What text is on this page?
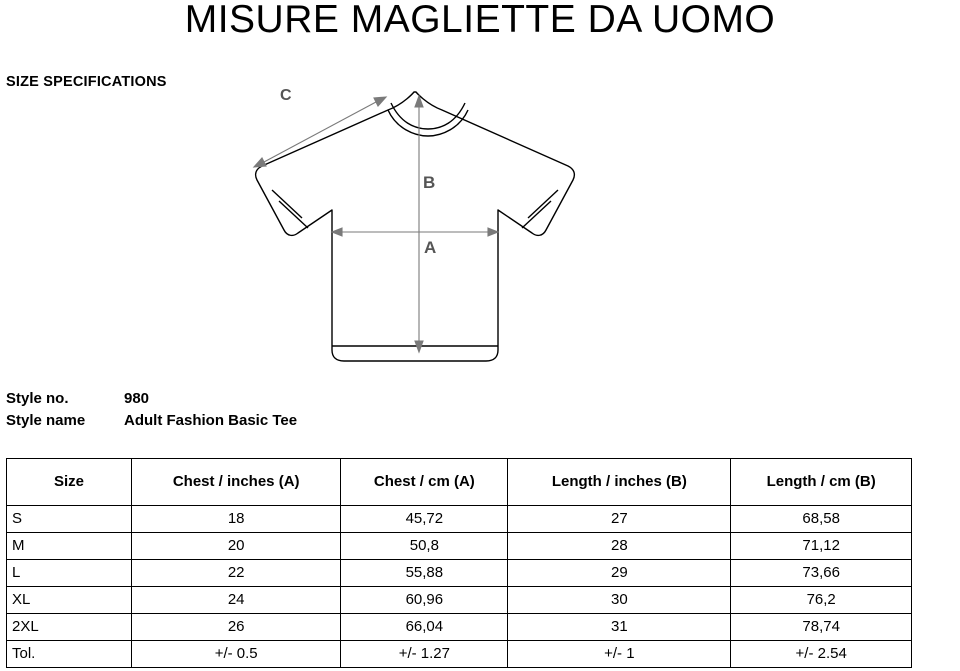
MISURE MAGLIETTE DA UOMO
SIZE SPECIFICATIONS
B
A
C
Style no.	980
Style name	Adult Fashion Basic Tee
Size	Chest / inches (A)	Chest / cm (A)	Length / inches (B)	Length / cm (B)
S	18	45,72	27	68,58
M	20	50,8	28	71,12
L	22	55,88	29	73,66
XL	24	60,96	30	76,2
2XL	26	66,04	31	78,74
Tol.	+/- 0.5	+/- 1.27	+/- 1	+/- 2.54
